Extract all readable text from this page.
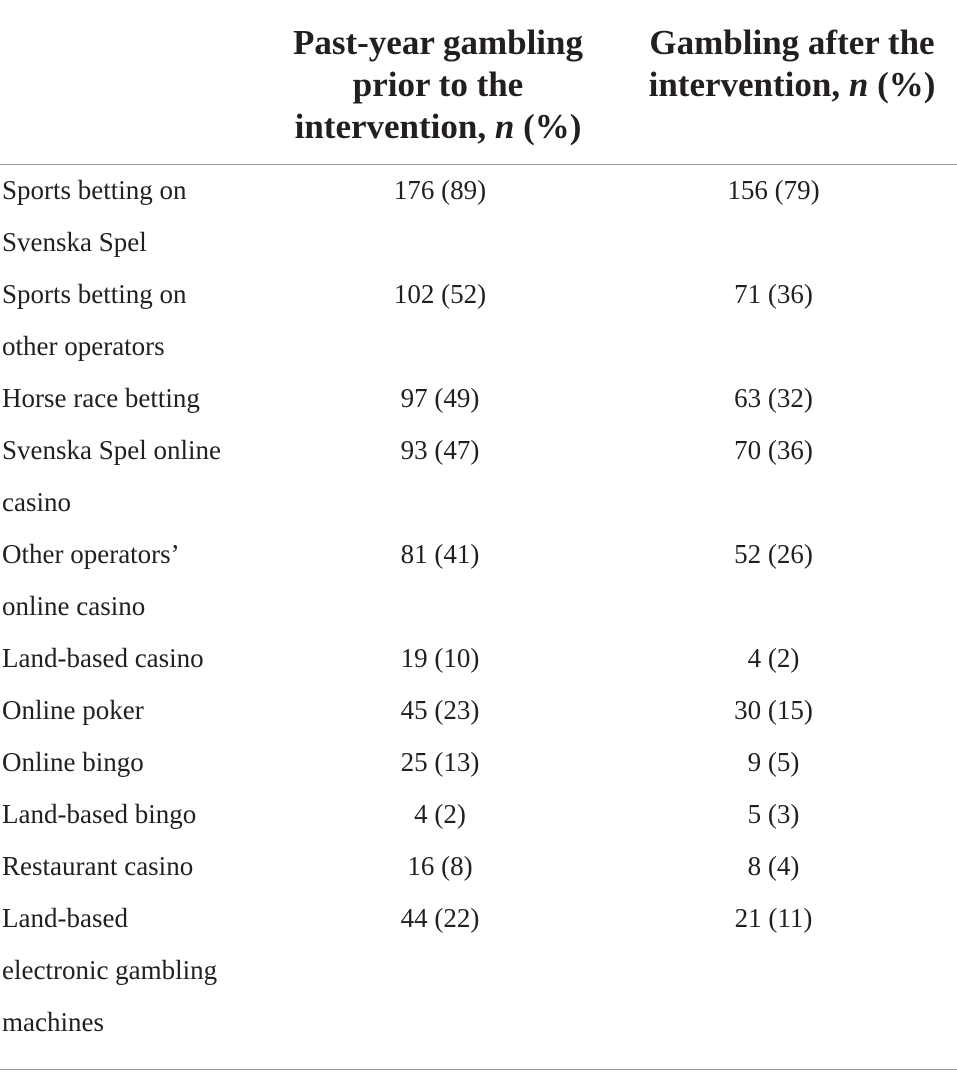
Past-year gambling
prior to the
intervention, n (%)
Gambling after the
intervention, n (%)
Sports betting on
Svenska Spel	176 (89)	156 (79)
Sports betting on
other operators	102 (52)	71 (36)
Horse race betting	97 (49)	63 (32)
Svenska Spel online
casino	93 (47)	70 (36)
Other operators’
online casino	81 (41)	52 (26)
Land-based casino	19 (10)	4 (2)
Online poker	45 (23)	30 (15)
Online bingo	25 (13)	9 (5)
Land-based bingo	4 (2)	5 (3)
Restaurant casino	16 (8)	8 (4)
Land-based
electronic gambling
machines	44 (22)	21 (11)
